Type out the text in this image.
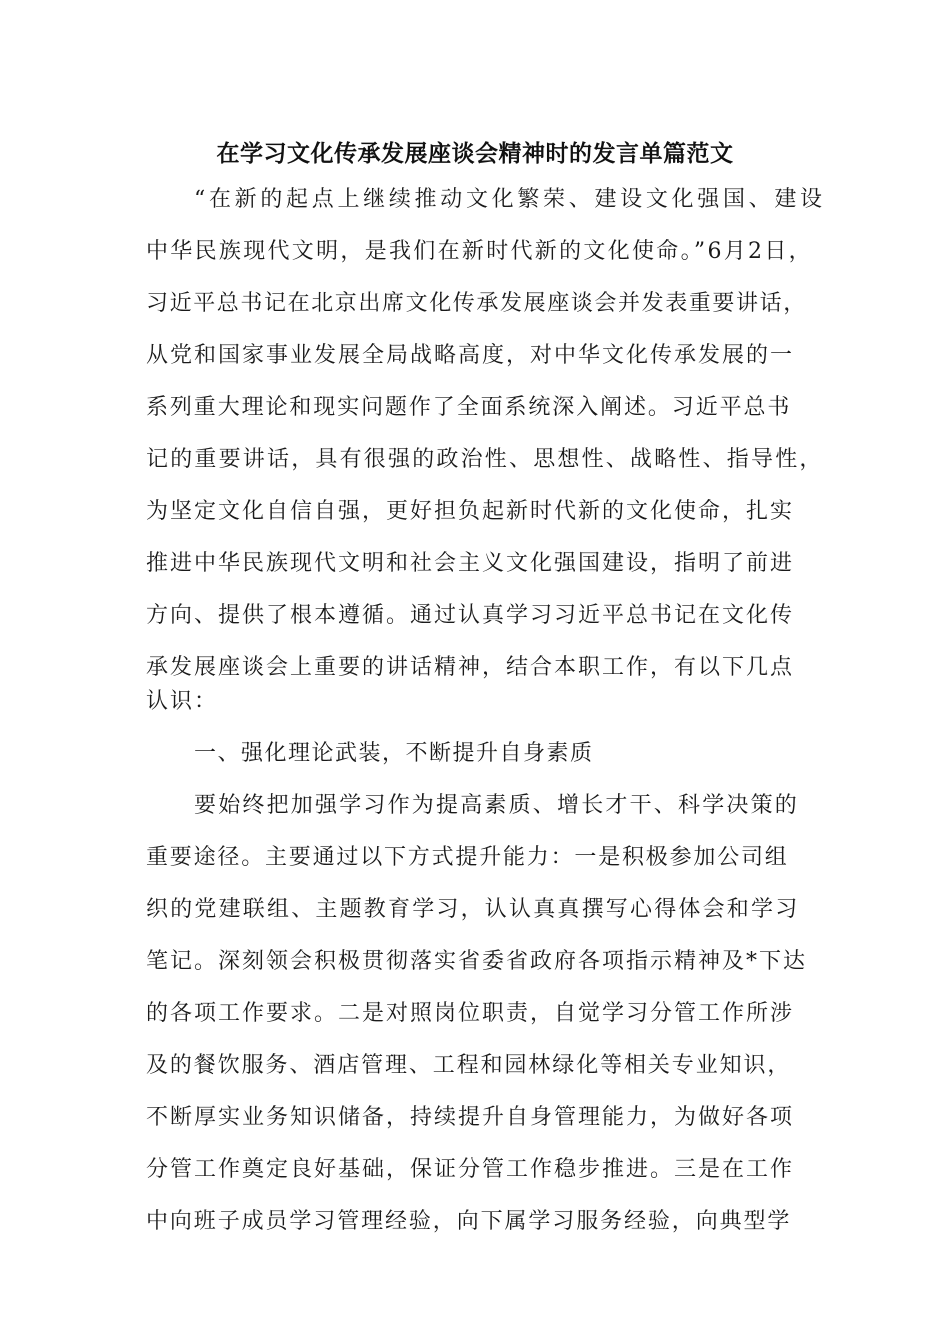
在学习文化传承发展座谈会精神时的发言单篇范文

“在新的起点上继续推动文化繁荣、建设文化强国、建设

中华民族现代文明，是我们在新时代新的文化使命。”6月2日，

习近平总书记在北京出席文化传承发展座谈会并发表重要讲话，

从党和国家事业发展全局战略高度，对中华文化传承发展的一

系列重大理论和现实问题作了全面系统深入阐述。习近平总书

记的重要讲话，具有很强的政治性、思想性、战略性、指导性，

为坚定文化自信自强，更好担负起新时代新的文化使命，扎实

推进中华民族现代文明和社会主义文化强国建设，指明了前进

方向、提供了根本遵循。通过认真学习习近平总书记在文化传

承发展座谈会上重要的讲话精神，结合本职工作，有以下几点

认识：

一、强化理论武装，不断提升自身素质

要始终把加强学习作为提高素质、增长才干、科学决策的

重要途径。主要通过以下方式提升能力：一是积极参加公司组

织的党建联组、主题教育学习，认认真真撰写心得体会和学习

笔记。深刻领会积极贯彻落实省委省政府各项指示精神及*下达

的各项工作要求。二是对照岗位职责，自觉学习分管工作所涉

及的餐饮服务、酒店管理、工程和园林绿化等相关专业知识，

不断厚实业务知识储备，持续提升自身管理能力，为做好各项

分管工作奠定良好基础，保证分管工作稳步推进。三是在工作

中向班子成员学习管理经验，向下属学习服务经验，向典型学
